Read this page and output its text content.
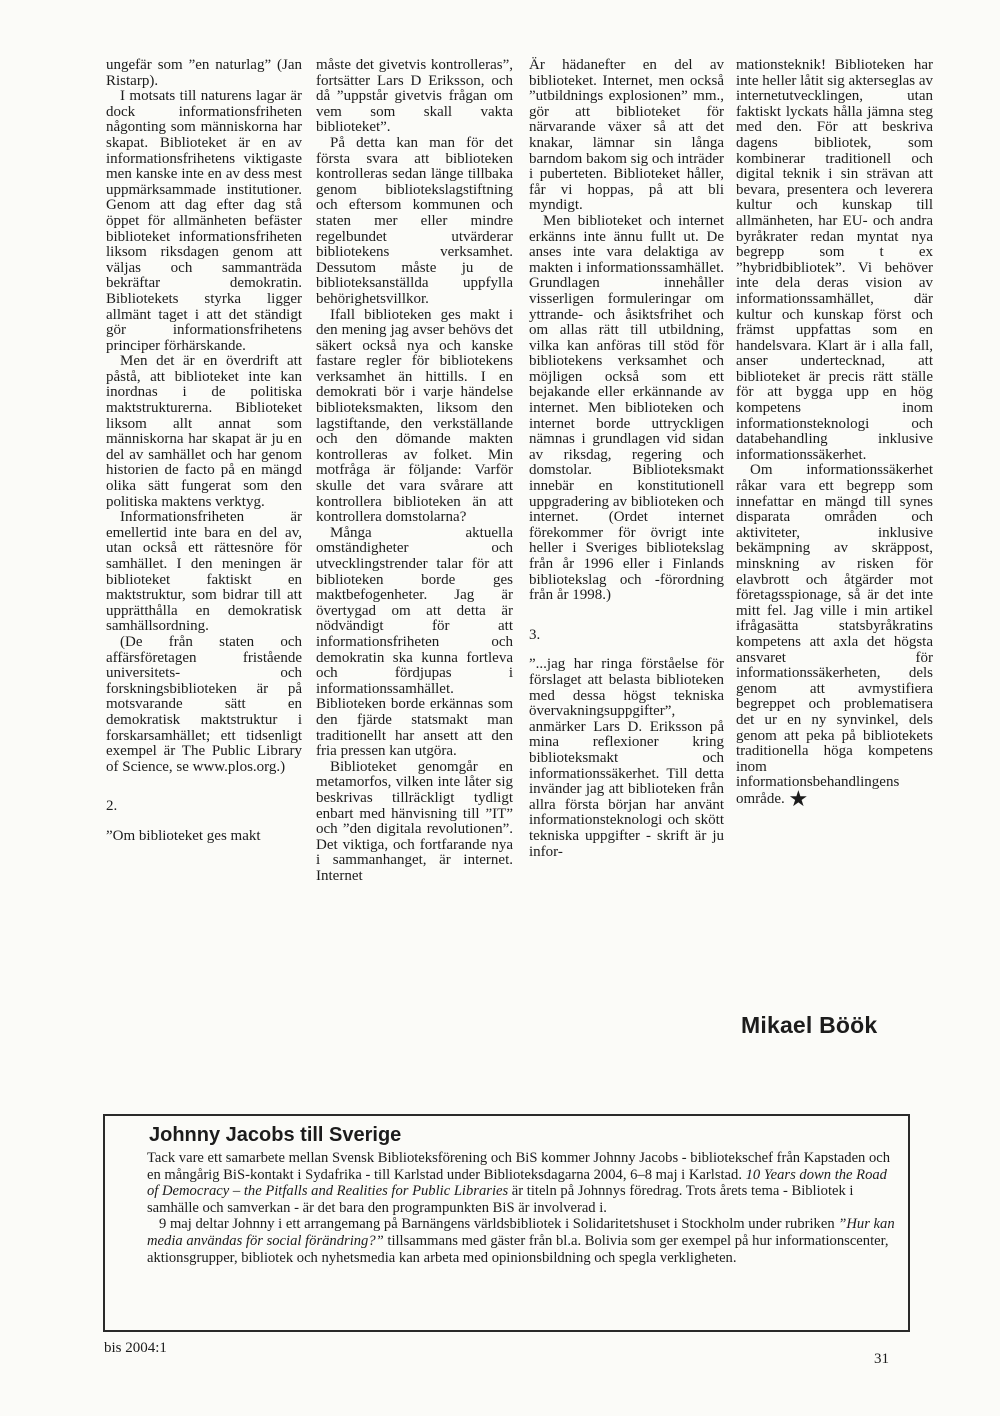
ungefär som ”en naturlag” (Jan Ristarp).

I motsats till naturens lagar är dock informationsfriheten någonting som människorna har skapat. Biblioteket är en av informationsfrihetens viktigaste men kanske inte en av dess mest uppmärksammade institutioner. Genom att dag efter dag stå öppet för allmänheten befäster biblioteket informationsfriheten liksom riksdagen genom att väljas och sammanträda bekräftar demokratin. Bibliotekets styrka ligger allmänt taget i att det ständigt gör informationsfrihetens principer förhärskande.

Men det är en överdrift att påstå, att biblioteket inte kan inordnas i de politiska maktstrukturerna. Biblioteket liksom allt annat som människorna har skapat är ju en del av samhället och har genom historien de facto på en mängd olika sätt fungerat som den politiska maktens verktyg.

Informationsfriheten är emellertid inte bara en del av, utan också ett rättesnöre för samhället. I den meningen är biblioteket faktiskt en maktstruktur, som bidrar till att upprätthålla en demokratisk samhällsordning.

(De från staten och affärsföretagen fristående universitets- och forskningsbiblioteken är på motsvarande sätt en demokratisk maktstruktur i forskarsamhället; ett tidsenligt exempel är The Public Library of Science, se www.plos.org.)

2.

”Om biblioteket ges makt

måste det givetvis kontrolleras”, fortsätter Lars D Eriksson, och då ”uppstår givetvis frågan om vem som skall vakta biblioteket”.

På detta kan man för det första svara att biblioteken kontrolleras sedan länge tillbaka genom bibliotekslagstiftning och eftersom kommunen och staten mer eller mindre regelbundet utvärderar bibliotekens verksamhet. Dessutom måste ju de biblioteksanställda uppfylla behörighetsvillkor.

Ifall biblioteken ges makt i den mening jag avser behövs det säkert också nya och kanske fastare regler för bibliotekens verksamhet än hittills. I en demokrati bör i varje händelse biblioteksmakten, liksom den lagstiftande, den verkställande och den dömande makten kontrolleras av folket. Min motfråga är följande: Varför skulle det vara svårare att kontrollera biblioteken än att kontrollera domstolarna?

Många aktuella omständigheter och utvecklingstrender talar för att biblioteken borde ges maktbefogenheter. Jag är övertygad om att detta är nödvändigt för att informationsfriheten och demokratin ska kunna fortleva och fördjupas i informationssamhället. Biblioteken borde erkännas som den fjärde statsmakt man traditionellt har ansett att den fria pressen kan utgöra.

Biblioteket genomgår en metamorfos, vilken inte låter sig beskrivas tillräckligt tydligt enbart med hänvisning till ”IT” och ”den digitala revolutionen”. Det viktiga, och fortfarande nya i sammanhanget, är internet. Internet

Är hädanefter en del av biblioteket. Internet, men också ”utbildnings explosionen” mm., gör att biblioteket för närvarande växer så att det knakar, lämnar sin långa barndom bakom sig och inträder i puberteten. Biblioteket håller, får vi hoppas, på att bli myndigt.

Men biblioteket och internet erkänns inte ännu fullt ut. De anses inte vara delaktiga av makten i informationssamhället. Grundlagen innehåller visserligen formuleringar om yttrande- och åsiktsfrihet och om allas rätt till utbildning, vilka kan anföras till stöd för bibliotekens verksamhet och möjligen också som ett bejakande eller erkännande av internet. Men biblioteken och internet borde uttryckligen nämnas i grundlagen vid sidan av riksdag, regering och domstolar. Biblioteksmakt innebär en konstitutionell uppgradering av biblioteken och internet. (Ordet internet förekommer för övrigt inte heller i Sveriges bibliotekslag från år 1996 eller i Finlands bibliotekslag och -förordning från år 1998.)

3.

”...jag har ringa förståelse för förslaget att belasta biblioteken med dessa högst tekniska övervakningsuppgifter”, anmärker Lars D. Eriksson på mina reflexioner kring biblioteksmakt och informationssäkerhet. Till detta invänder jag att biblioteken från allra första början har använt informationsteknologi och skött tekniska uppgifter - skrift är ju infor-

mationsteknik! Biblioteken har inte heller låtit sig akterseglas av internetutvecklingen, utan faktiskt lyckats hålla jämna steg med den. För att beskriva dagens bibliotek, som kombinerar traditionell och digital teknik i sin strävan att bevara, presentera och leverera kultur och kunskap till allmänheten, har EU- och andra byråkrater redan myntat nya begrepp som t ex ”hybridbibliotek”. Vi behöver inte dela deras vision av informationssamhället, där kultur och kunskap först och främst uppfattas som en handelsvara. Klart är i alla fall, anser undertecknad, att biblioteket är precis rätt ställe för att bygga upp en hög kompetens inom informationsteknologi och databehandling inklusive informationssäkerhet.

Om informationssäkerhet råkar vara ett begrepp som innefattar en mängd till synes disparata områden och aktiviteter, inklusive bekämpning av skräppost, minskning av risken för elavbrott och åtgärder mot företagsspionage, så är det inte mitt fel. Jag ville i min artikel ifrågasätta statsbyråkratins kompetens att axla det högsta ansvaret för informationssäkerheten, dels genom att avmystifiera begreppet och problematisera det ur en ny synvinkel, dels genom att peka på bibliotekets traditionella höga kompetens inom informationsbehandlingens område. ★

Mikael Böök
Johnny Jacobs till Sverige

Tack vare ett samarbete mellan Svensk Biblioteksförening och BiS kommer Johnny Jacobs - bibliotekschef från Kapstaden och en mångårig BiS-kontakt i Sydafrika - till Karlstad under Biblioteksdagarna 2004, 6–8 maj i Karlstad. 10 Years down the Road of Democracy – the Pitfalls and Realities for Public Libraries är titeln på Johnnys föredrag. Trots årets tema - Bibliotek i samhälle och samverkan - är det bara den programpunkten BiS är involverad i.

9 maj deltar Johnny i ett arrangemang på Barnängens världsbibliotek i Solidaritetshuset i Stockholm under rubriken ”Hur kan media användas för social förändring?” tillsammans med gäster från bl.a. Bolivia som ger exempel på hur informationscenter, aktionsgrupper, bibliotek och nyhetsmedia kan arbeta med opinionsbildning och spegla verkligheten.

bis 2004:1
31
